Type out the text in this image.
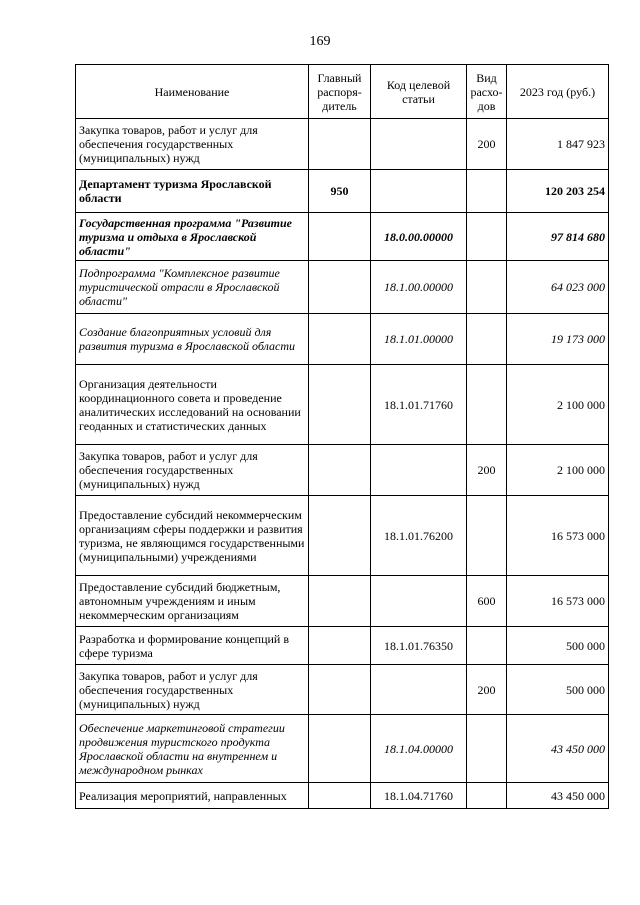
169
Наименование	Главный распоря-дитель	Код целевой статьи	Вид расхо-дов	2023 год (руб.)
Закупка товаров, работ и услуг для обеспечения государственных (муниципальных) нужд			200	1 847 923
Департамент туризма Ярославской области	950			120 203 254
Государственная программа "Развитие туризма и отдыха в Ярославской области"		18.0.00.00000		97 814 680
Подпрограмма "Комплексное развитие туристической отрасли в Ярославской области"		18.1.00.00000		64 023 000
Создание благоприятных условий для развития туризма в Ярославской области		18.1.01.00000		19 173 000
Организация деятельности координационного совета и проведение аналитических исследований на основании геоданных и статистических данных		18.1.01.71760		2 100 000
Закупка товаров, работ и услуг для обеспечения государственных (муниципальных) нужд			200	2 100 000
Предоставление субсидий некоммерческим организациям сферы поддержки и развития туризма, не являющимся государственными (муниципальными) учреждениями		18.1.01.76200		16 573 000
Предоставление субсидий бюджетным, автономным учреждениям и иным некоммерческим организациям			600	16 573 000
Разработка и формирование концепций в сфере туризма		18.1.01.76350		500 000
Закупка товаров, работ и услуг для обеспечения государственных (муниципальных) нужд			200	500 000
Обеспечение маркетинговой стратегии продвижения туристского продукта Ярославской области на внутреннем и международном рынках		18.1.04.00000		43 450 000
Реализация мероприятий, направленных		18.1.04.71760		43 450 000
